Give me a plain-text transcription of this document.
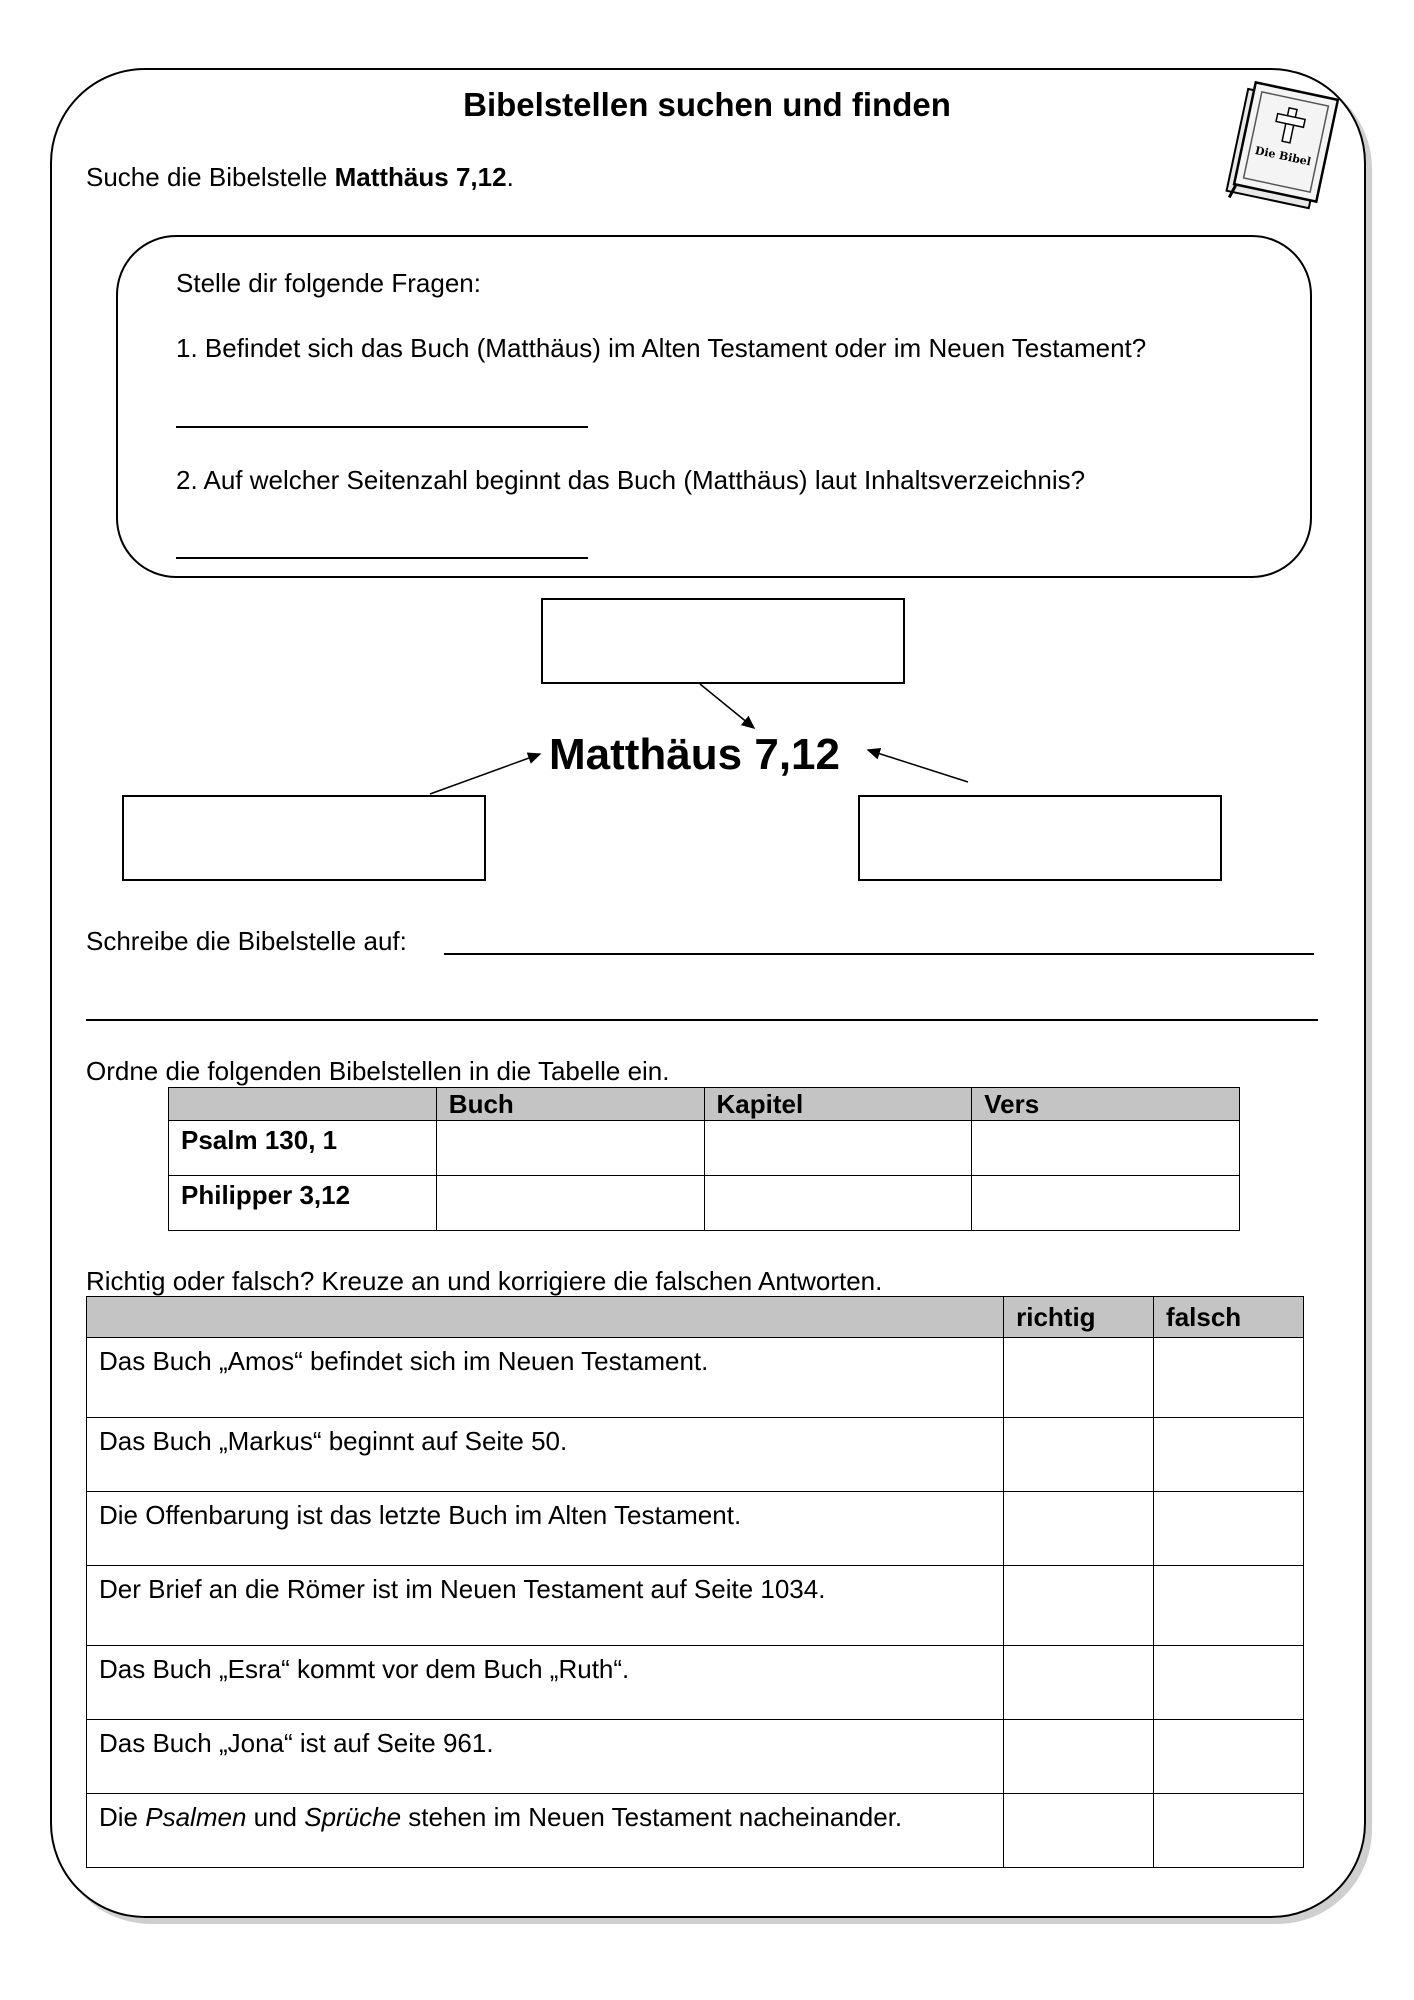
Die Bibel
Bibelstellen suchen und finden
Suche die Bibelstelle Matthäus 7,12.
Stelle dir folgende Fragen:
1. Befindet sich das Buch (Matthäus) im Alten Testament oder im Neuen Testament?
2. Auf welcher Seitenzahl beginnt das Buch (Matthäus) laut Inhaltsverzeichnis?
Matthäus 7,12
Schreibe die Bibelstelle auf:
Ordne die folgenden Bibelstellen in die Tabelle ein.
	Buch	Kapitel	Vers
Psalm 130, 1			
Philipper 3,12			
Richtig oder falsch? Kreuze an und korrigiere die falschen Antworten.
	richtig	falsch
Das Buch „Amos“ befindet sich im Neuen Testament.		
Das Buch „Markus“ beginnt auf Seite 50.		
Die Offenbarung ist das letzte Buch im Alten Testament.		
Der Brief an die Römer ist im Neuen Testament auf Seite 1034.		
Das Buch „Esra“ kommt vor dem Buch „Ruth“.		
Das Buch „Jona“ ist auf Seite 961.		
Die Psalmen und Sprüche stehen im Neuen Testament nacheinander.		
